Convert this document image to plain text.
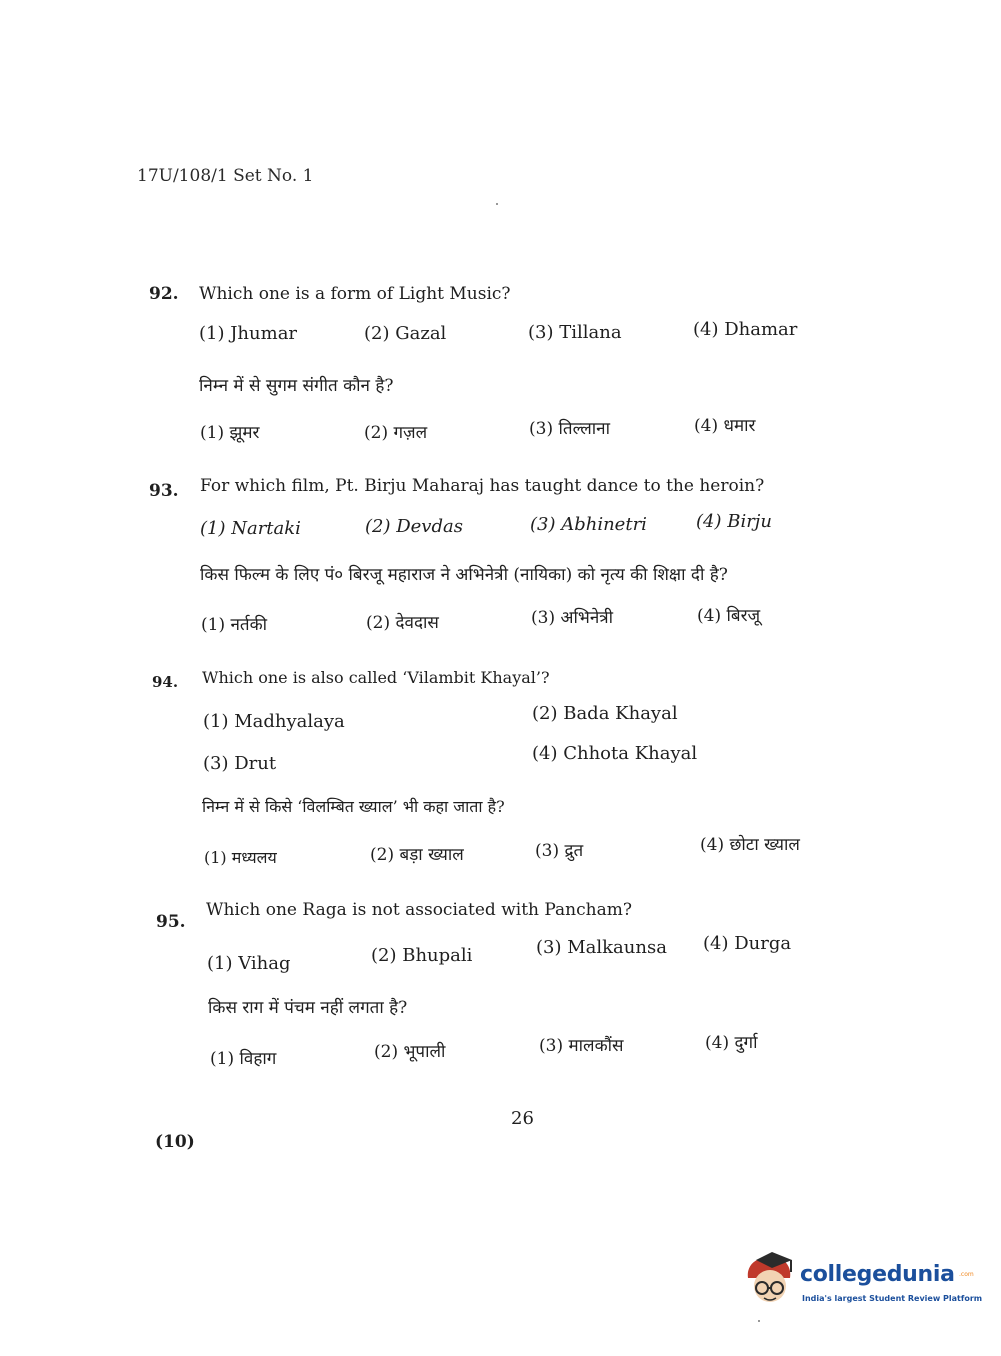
17U/108/1 Set No. 1
92. Which one is a form of Light Music?
(1) Jhumar	(2) Gazal	(3) Tillana	(4) Dhamar
निम्न में से सुगम संगीत कौन है?
(1) झूमर	(2) गज़ल	(3) तिल्लाना	(4) धमार
93. For which film, Pt. Birju Maharaj has taught dance to the heroin?
(1) Nartaki	(2) Devdas	(3) Abhinetri	(4) Birju
किस फिल्म के लिए पं० बिरजू महाराज ने अभिनेत्री (नायिका) को नृत्य की शिक्षा दी है?
(1) नर्तकी	(2) देवदास	(3) अभिनेत्री	(4) बिरजू
94. Which one is also called ‘Vilambit Khayal’?
(1) Madhyalaya	(2) Bada Khayal
(3) Drut	(4) Chhota Khayal
निम्न में से किसे ‘विलम्बित ख्याल’ भी कहा जाता है?
(1) मध्यलय	(2) बड़ा ख्याल	(3) द्रुत	(4) छोटा ख्याल
95.
Which one Raga is not associated with Pancham?
(1) Vihag	(2) Bhupali	(3) Malkaunsa (4) Durga
किस राग में पंचम नहीं लगता है?
(1) विहाग	(2) भूपाली	(3) मालकौंस	(4) दुर्गा
26
(10)
collegedunia .com
India's largest Student Review Platform
